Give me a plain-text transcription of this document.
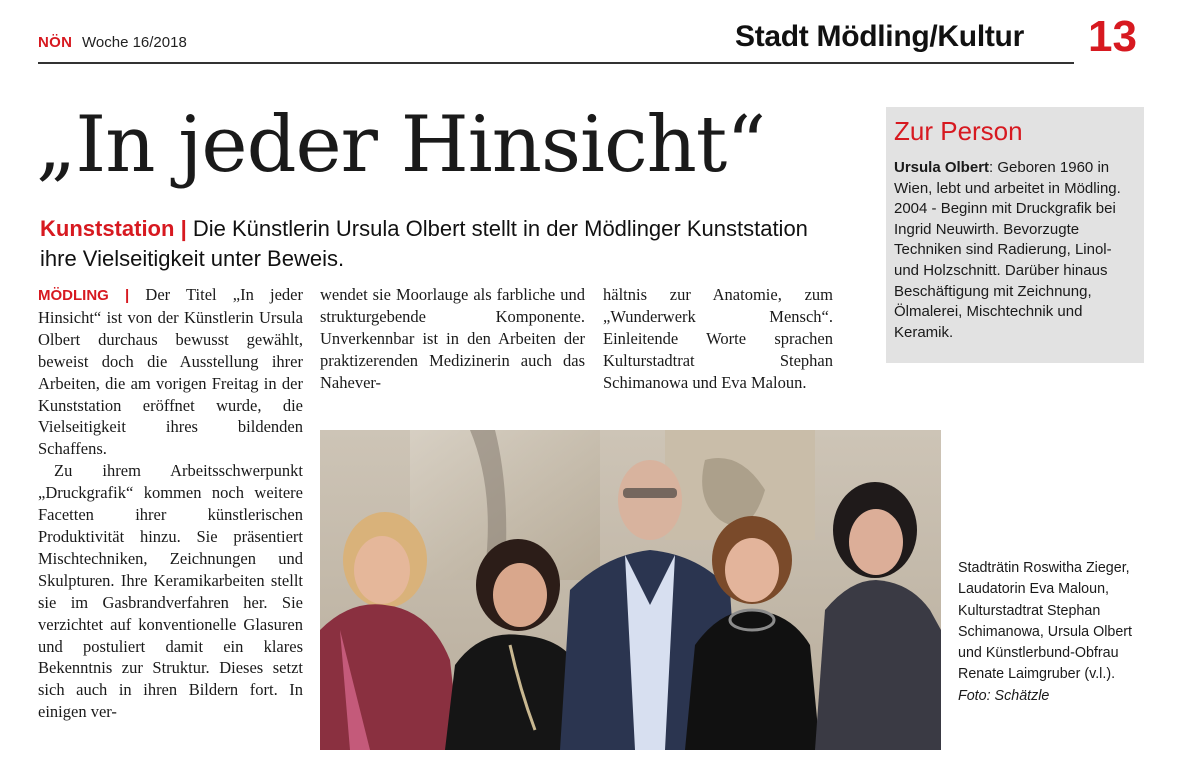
NÖN Woche 16/2018	Stadt Mödling/Kultur 13
„In jeder Hinsicht“	Zur Person
Ursula Olbert: Geboren 1960 in Wien, lebt und arbeitet in Mödling. 2004 - Beginn mit Druckgrafik bei Ingrid Neuwirth. Bevorzugte Techniken sind Radierung, Linol- und Holzschnitt. Darüber hinaus Beschäftigung mit Zeichnung, Ölmalerei, Mischtechnik und Keramik.
Kunststation | Die Künstlerin Ursula Olbert stellt in der Mödlinger Kunststation ihre Vielseitigkeit unter Beweis.

MÖDLING | Der Titel „In jeder Hinsicht“ ist von der Künstlerin Ursula Olbert durchaus bewusst gewählt, beweist doch die Ausstellung ihrer Arbeiten, die am vorigen Freitag in der Kunststation eröffnet wurde, die Vielseitigkeit ihres bildenden Schaffens.

Zu ihrem Arbeitsschwerpunkt „Druckgrafik“ kommen noch weitere Facetten ihrer künstlerischen Produktivität hinzu. Sie präsentiert Mischtechniken, Zeichnungen und Skulpturen. Ihre Keramikarbeiten stellt sie im Gasbrandverfahren her. Sie verzichtet auf konventionelle Glasuren und postuliert damit ein klares Bekenntnis zur Struktur. Dieses setzt sich auch in ihren Bildern fort. In einigen ver-

wendet sie Moorlauge als farbliche und strukturgebende Komponente. Unverkennbar ist in den Arbeiten der praktizerenden Medizinerin auch das Nahever-

hältnis zur Anatomie, zum „Wunderwerk Mensch“. Einleitende Worte sprachen Kulturstadtrat Stephan Schimanowa und Eva Maloun.

Stadträtin Roswitha Zieger, Laudatorin Eva Maloun, Kulturstadtrat Stephan Schimanowa, Ursula Olbert und Künstlerbund-Obfrau Renate Laimgruber (v.l.).
Foto: Schätzle
